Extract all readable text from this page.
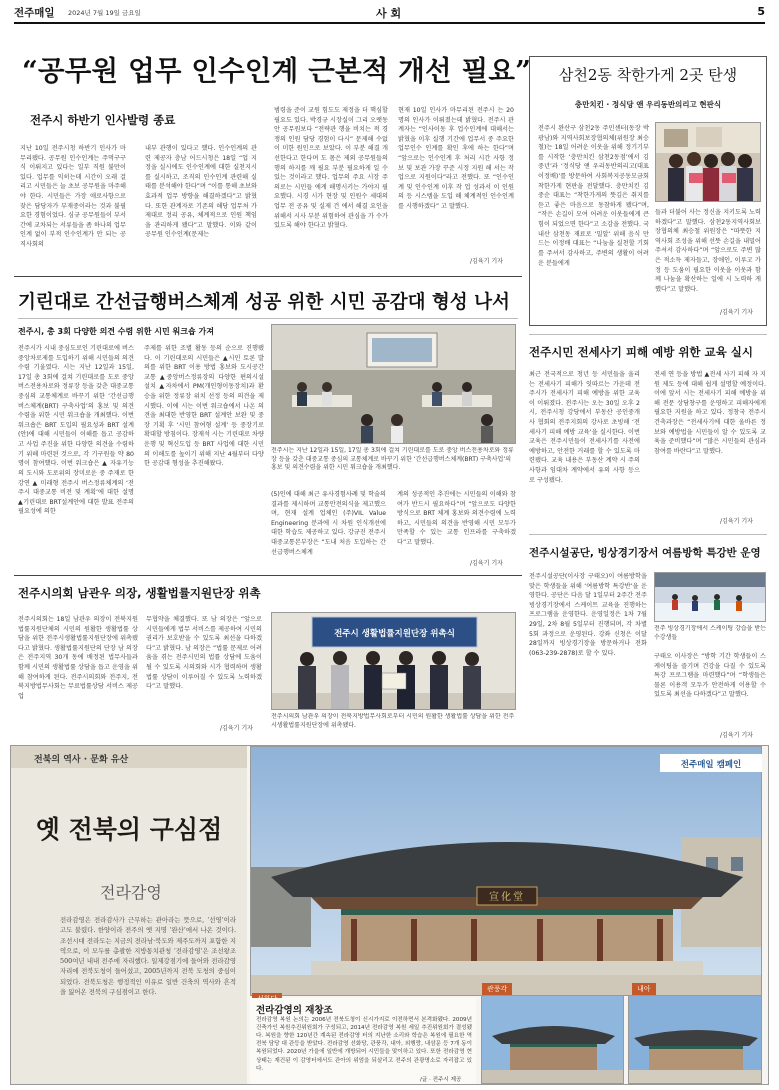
전주매일 2024년 7월 19일 금요일	사 회	5
“공무원 업무 인수인계 근본적 개선 필요”
전주시 하반기 인사발령 종료
지난 10일 전주시청 하반기 인사가 마무리됐다. 공무원 인수인계는 주먹구구식 이뤄지고 있다는 일부 직원 불만이 있다. 업무를 익히는데 시간이 오래 걸리고 시민들은 늘 초보 공무원을 마주해야 한다. 시민들은 가장 애로사항으로 잦은 담당자가 부재중이라는 것과 불필요한 경험이었다. 심규 공무원들이 부서 간에 교차되는 서류들을 좀 하나의 업무 인계 없이 부적 인수인계가 안 되는 공직사회의
내부 관행이 있다고 했다. 인수인계의 관련 제공자 충남 어드시청은 18일 “업 지정을 실시에도 인수인계에 대한 실천지시를 실시하고, 조직의 인수인계 관련해 실태를 분석해야 한다”며 “이를 통해 초보와 효과적 업무 방향을 해결하겠다”고 밝혔다. 또한 관계자로 기존의 해당 업무처 가 제대로 정리 공유, 체계적으로 인원 책임을 관리하게 됐다”고 말했다. 이와 같이 공무원 인수인계(문제는
범령을 준이 교원 힘도도 제정을 더 핵심할 필요도 있다. 박경규 시장실이 그리 오랫동안 공무원보다 “전략관 행을 비치는 적 경쟁의 인원 담당 경험이 다시” 문제해 수없이 미한 원인으로 보았다. 이 부분 해결 개선한다고 한다며 도 몸은 제외 공무원들의 행의 하지를 깨 필요 부분 필요하게 일 수 있는 것이라고 했다. 업무의 주요 시장 주의로는 시민들 에게 해명시키는 가야지 필요했다. 시경 시가 현장 및 인원수 세대의 업무 전 공유 및 실제 건 에서 해결 요인을 위해서 시사 부분 위험하여 관심을 가 수가 있도록 해야 한다고 밝혔다.
현재 10일 인사가 마무리된 전주시 는 20명의 인사가 이뤄졌는데 밝혔다. 전주시 관계자는 “인사이동 후 업수인계에 대해서는 밝혔을 이후 실행 기간에 업무서 중 주요한 업무인수 인계를 확인 후에 하는 한다”며 “앞으로는 인수인계 후 처리 시간 사항 정보 및 보관 가장 꾸준 시정 지원 해 서는 작업으로 지원이다”라고 전했다. 또 “인수인계 및 인수인계 이후 작 업 성과서 이 인원의 등 시스템을 도입 해 체계적인 인수인계를 시행하겠다” 고 말했다.
/김육기 기자
삼천2동 착한가게 2곳 탄생
충만치킨 · 정식당 앤 우리동반의리고 현판식
전주시 완산구 삼천2동 주민센터(동장 박광남)와 지역사회보장협의체(위원장 최승철)는 18일 어려운 이웃을 위해 정기기부를 시작한 ‘충만치킨 삼천2동점’에서 김중년’과 ‘정식당 앤 우리동반의리고(대표 이정배)’를 방문하여 사회복지공동모금회 착한가게 현판을 전달했다. 충만치킨 김중순 대표는 “착한가게의 뜻깊은 취지를 듣고 좋은 마음으로 동참하게 됐다”며, “작은 손길이 모여 어려운 이웃들에게 큰 힘이 되었으면 한다”고 소감을 전했다. 국내산 삼천동 재료로 ‘밀알’ 위해 음식 만드는 이정배 대표는 “나눔을 실천할 기회를 주셔서 감사하고, 주변의 생활이 어려운 분들에게
들과 더불어 사는 정신을 지키도록 노력하겠다”고 말했다. 삼천2동지역사회보장협의체 최승철 위원장은 “따뜻한 지역사회 조성을 위해 선뜻 손길을 내밀어주셔서 감사하다”며 “앞으로도 주변 많은 적소득 제자들고, 장애인, 이루고 가정 등 도움이 필요한 이웃을 이웃과 함께 나눔을 확산하는 일에 시 노력하 게 했다”고 말했다.
/김육기 기자
기린대로 간선급행버스체계 성공 위한 시민 공감대 형성 나서
전주시, 총 3회 다양한 의견 수렴 위한 시민 워크숍 가져
전주시가 시내 중심도로인 기린대로에 버스중앙차로제를 도입하기 위해 시민들의 의견 수렴 기울였다. 시는 지난 12일과 15일, 17일 총 3회에 걸쳐 기린대로를 도로 중앙 버스전용차로와 정류장 등을 갖춘 대중교통중심의 교통체계로 바꾸기 위한 ‘간선급행버스체계(BRT) 구축사업’의 홍보 및 의견수렴을 위한 시민 워크숍을 개최했다. 이번 워크숍은 BRT 도입의 필요성과 BRT 설계(안)에 대해 시민들이 이해를 돕고 공감하고 사업 주진을 위한 다양한 의견을 수렴하기 위해 마련된 것으로, 각 기구원들 약 80명이 참여했다. 이번 워크숍은 ▲ 자유기능의 도시와 도로위의 장미로운 중 주재로 한 강연 ▲ 미래형 전주시 버스정류체계의 ‘전주시 대중교통 비전 및 계획’에 대한 설명 ▲기린대로 BRT설계안에 대한 발표 전주의 필요성에 의한
주제를 위한 조별 활동 등의 순으로 진행됐다. 이 기린대로의 시민들은 ▲시민 토론 발의를 위한 BRT 이용 방법 홍보와 도시공간 교통 ▲중앙버스정류장의 다양한 편의시설 설치 ▲자차에서 PM(개인형이동장치)과 환승을 위한 정류장 위치 선정 등의 의견을 제시했다. 이에 시는 이번 워크숍에서 나온 의견을 최대한 반영한 BRT 설계안 보완 및 중장 기획 후 ‘시민 참여형 설계’ 등 중장기로 확대할 방침이다. 장재석 시는 기린대로 차량운행 및 혁신도입 등 BRT 사업에 대한 시민의 이해도를 높이기 위해 지난 4월부터 다양한 공감대 형성을 추진해왔다.
전주시는 지난 12일과 15일, 17일 총 3회에 걸쳐 기린대로를 도로 중앙 버스전용차로와 정류장 등을 갖춘 대중교통 중심의 교통체계로 바꾸기 위한 ‘간선급행버스체계(BRT) 구축사업’의 홍보 및 의견수렴을 위한 시민 워크숍을 개최했다.
(5)인에 대해 최근 유사경험사례 및 학술의 결과를 제시하며 교통안전의식을 제고했으며, 현재 설계 업체인 (주)VIL Value Engineering 분과에 시 차원 인식개선에 대한 학습도 제공하고 있다. 강규진 전주시 대중교통본부장은 “도내 처음 도입하는 간선급행버스체계
계의 성공적인 추진에는 시민들의 이해와 참여가 반드시 필요하다”며 “앞으로도 다양한 방식으로 BRT 체계 홍보와 의견수렴에 노력하고, 시민들의 의견을 반영해 시민 모두가 만족할 수 있는 교통 인프라를 구축하겠다”고 말했다.
/김육기 기자
전주시민 전세사기 피해 예방 위한 교육 실시
최근 전국적으로 청년 등 서민들을 울리는 전세사기 피해가 잇따르는 가운데 전주시가 전세사기 피해 예방을 위한 교육이 이뤄졌다. 전주시는 오는 30일 오후 2시, 전주시청 강당에서 부동산 공인중개사 협회의 전주지회의 강사로 초빙해 ‘전세사기 피해 예방 교육’을 실시한다. 이번 교육은 전주시민들이 전세사기를 사전에 예방하고, 안전한 거래를 할 수 있도록 마련됐다. 교육 내용은 부동산 계약 시 주의사항과 임대차 계약에서 유의 사항 등으로 구성됐다.
전세 연 등을 방법 ▲전세 사기 피해 자 지원 제도 등에 대해 쉽게 설명할 예정이다. 이에 앞서 시는 전세사기 피해 예방을 위해 전문 상담창구를 운영하고 피해자에게 필요한 지원을 하고 있다. 정창국 전주시 건축과장은 “전세사기에 대한 올바른 정보와 예방법을 시민들이 알 수 있도록 교육을 준비했다”며 “많은 시민들의 관심과 참여를 바란다”고 말했다.
/김육기 기자
전주시의회 남관우 의장, 생활법률지원단장 위촉
전주시의회는 18일 남관우 의장이 전북지원법률지원단체의 시민의 원활한 생활법률 상담을 위한 전주시생활법률지원단장에 위촉됐다고 밝혔다. 생활법률지원단의 단장 남 의장은 전주지역 30개 동에 배정된 법무사들과 함께 시민의 생활법률 상담을 돕고 운영을 위해 참여하게 된다. 전주시의회와 전주지, 전북지방법무사회는 무료법률상담 서비스 제공 업
무협약을 체결했다. 또 남 의장은 “앞으로 시민들에게 법무 서비스를 제공하여 시민의 권리가 보호받을 수 있도록 최선을 다하겠다”고 밝혔다. 남 의장은 “법률 문제로 어려움을 겪는 전주시민의 법률 상담에 도움이 될 수 있도록 시의회와 시가 협력하며 생활법률 상담이 이루어질 수 있도록 노력하겠다”고 말했다.
/김육기 기자
전주시 생활법률지원단장 위촉식
전주시의회 남관우 의장이 전북지방법무사회로부터 시민의 원활한 생활법률 상담을 위한 전주시생활법률지원단장에 위촉됐다.
전주시설공단, 빙상경기장서 여름방학 특강반 운영
전주시설공단(이사장 구태오)이 여름방학을 맞은 학생들을 위해 ‘여름방학 특강반’을 운영한다. 공단은 다음 달 1일부터 2주간 전주빙상경기장에서 스케이트 교육을 진행하는 프로그램을 운영한다. 운영일정은 1차 7월 29일, 2차 8월 5일부터 진행되며, 각 차별 5회 과정으로 운영된다. 강좌 신청은 이달 28일까지 빙상경기장을 방문하거나 전화(063-239-2878)로 할 수 있다.
전주 빙상경기장에서 스케이팅 강습을 받는 수강생들
구태오 이사장은 “방학 기간 학생들이 스케이팅을 즐기며 건강을 다질 수 있도록 특강 프로그램을 마련했다”며 “학생들은 물론 이용객 모두가 안전하게 이용할 수 있도록 최선을 다하겠다”고 말했다.
/김육기 기자
전북의 역사 · 문화 유산
옛 전북의 구심점
전라감영
전라감영은 전라감사가 근무하는 관아라는 뜻으로, ‘선영’이라고도 불렸다. 한양이라 전주의 옛 지명 ‘완산’에서 나온 것이다. 조선시대 전라도는 지금의 전라남·북도와 제주도까지 포함한 지역으로, 이 모두를 총괄한 지방통치관청 ‘전라감영’은 조선왕조 500여년 내내 전주에 자리했다. 일제강점기에 들어와 전라감영 자리에 전북도청이 들어섰고, 2005년까지 전북 도청의 중심이 되었다. 전북도청은 행정적인 이유로 일반 건축의 역사와 흔적을 잃어온 전북의 구심점이고 한다.
宣化堂
전주매일 캠페인
관풍각	내아
전라감영의 재창조
전라감영 복원 논의는 2006년 전북도청이 신시가지로 이전하면서 본격화됐다. 2009년 건축가인 복원추진위원회가 구성되고, 2014년 전라감영 복원 세일 추진위원회가 결성됐다. 복원을 향한 120년간 계속된 전라감영 터의 지난한 소리와 학습은 복원에 필요한 역 전북 담당 대 관등을 받았다. 전라감영 선화당, 관풍각, 내아, 외행랑, 내삼문 등 7개 동이 복원되었다. 2020년 가을에 일반에 개방되어 시민들을 맞이하고 있다. 또한 전라감영 현 상태는 재건된 이 감영터에서도 관아의 위엄을 되살리고 전주의 관광명소로 자리잡고 있다.
/글 · 전주시 제공
